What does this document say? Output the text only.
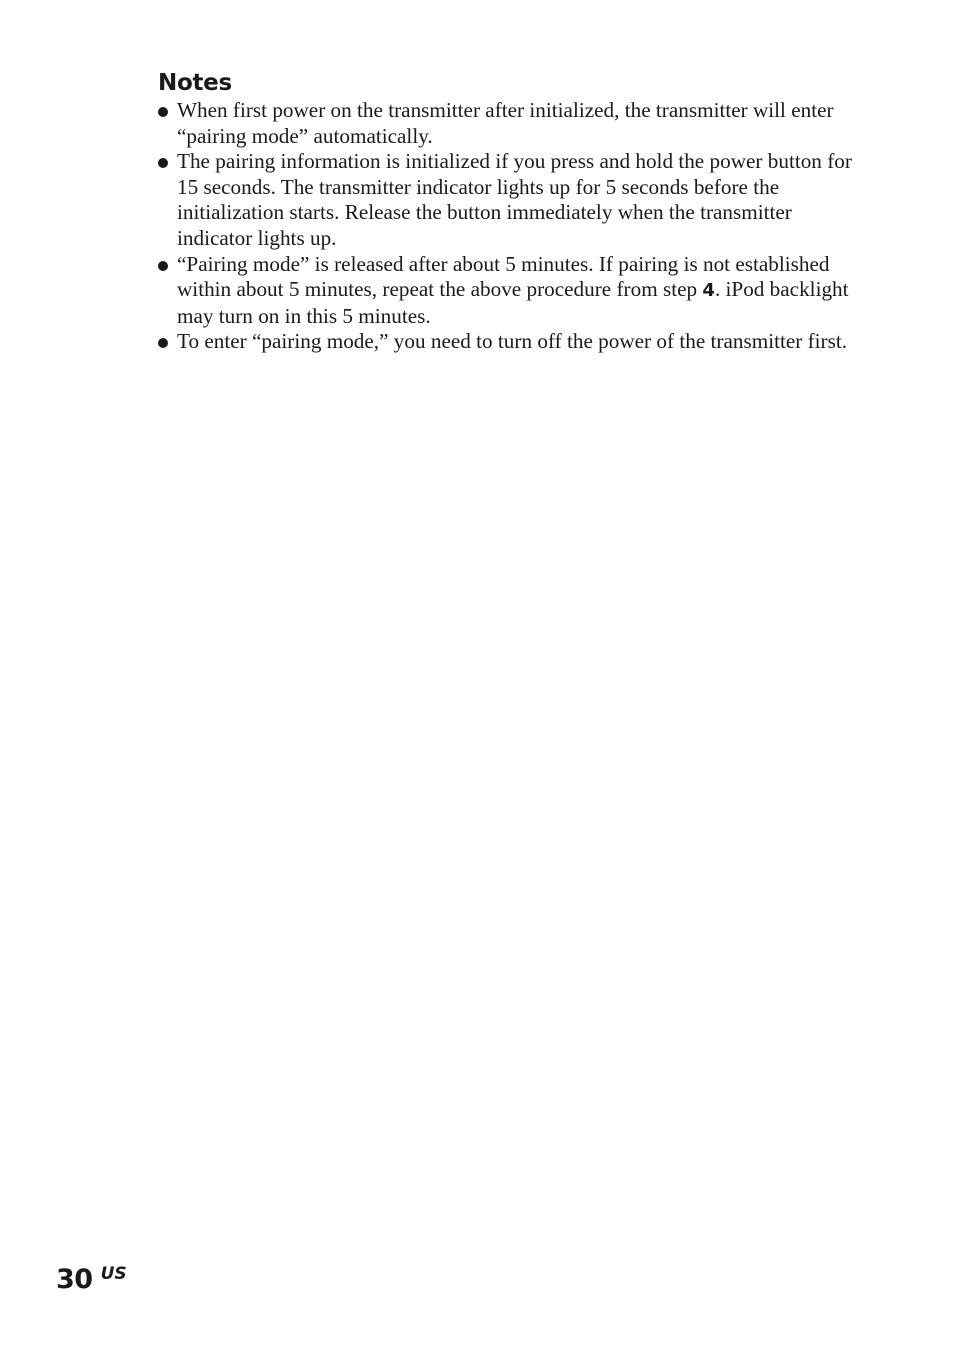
Notes
When first power on the transmitter after initialized, the transmitter will enter “pairing mode” automatically.
The pairing information is initialized if you press and hold the power button for 15 seconds. The transmitter indicator lights up for 5 seconds before the initialization starts. Release the button immediately when the transmitter indicator lights up.
“Pairing mode” is released after about 5 minutes. If pairing is not established within about 5 minutes, repeat the above procedure from step 4. iPod backlight may turn on in this 5 minutes.
To enter “pairing mode,” you need to turn off the power of the transmitter first.
30 US
